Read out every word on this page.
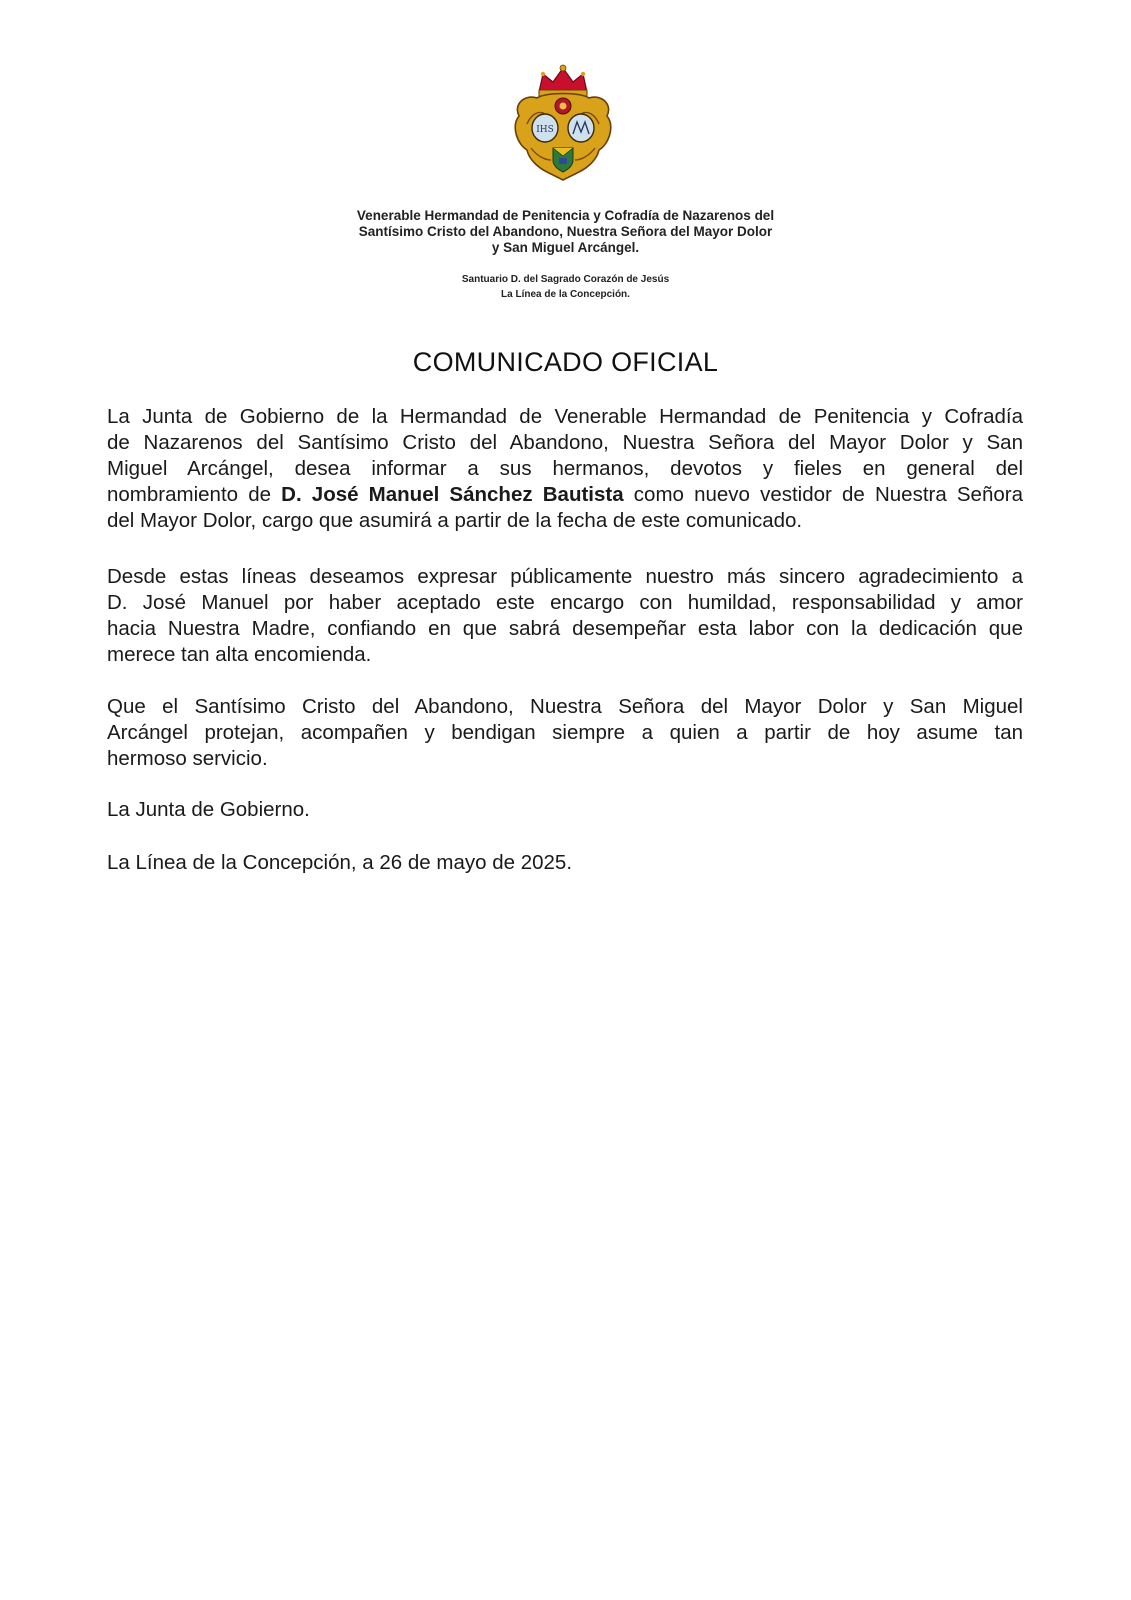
IHS
Venerable Hermandad de Penitencia y Cofradía de Nazarenos del
Santísimo Cristo del Abandono, Nuestra Señora del Mayor Dolor
y San Miguel Arcángel.
Santuario D. del Sagrado Corazón de Jesús
La Línea de la Concepción.
COMUNICADO OFICIAL
La Junta de Gobierno de la Hermandad de Venerable Hermandad de Penitencia y Cofradía
de Nazarenos del Santísimo Cristo del Abandono, Nuestra Señora del Mayor Dolor y San
Miguel Arcángel, desea informar a sus hermanos, devotos y fieles en general del
nombramiento de D. José Manuel Sánchez Bautista como nuevo vestidor de Nuestra Señora
del Mayor Dolor, cargo que asumirá a partir de la fecha de este comunicado.
Desde estas líneas deseamos expresar públicamente nuestro más sincero agradecimiento a
D. José Manuel por haber aceptado este encargo con humildad, responsabilidad y amor
hacia Nuestra Madre, confiando en que sabrá desempeñar esta labor con la dedicación que
merece tan alta encomienda.
Que el Santísimo Cristo del Abandono, Nuestra Señora del Mayor Dolor y San Miguel
Arcángel protejan, acompañen y bendigan siempre a quien a partir de hoy asume tan
hermoso servicio.
La Junta de Gobierno.
La Línea de la Concepción, a 26 de mayo de 2025.
